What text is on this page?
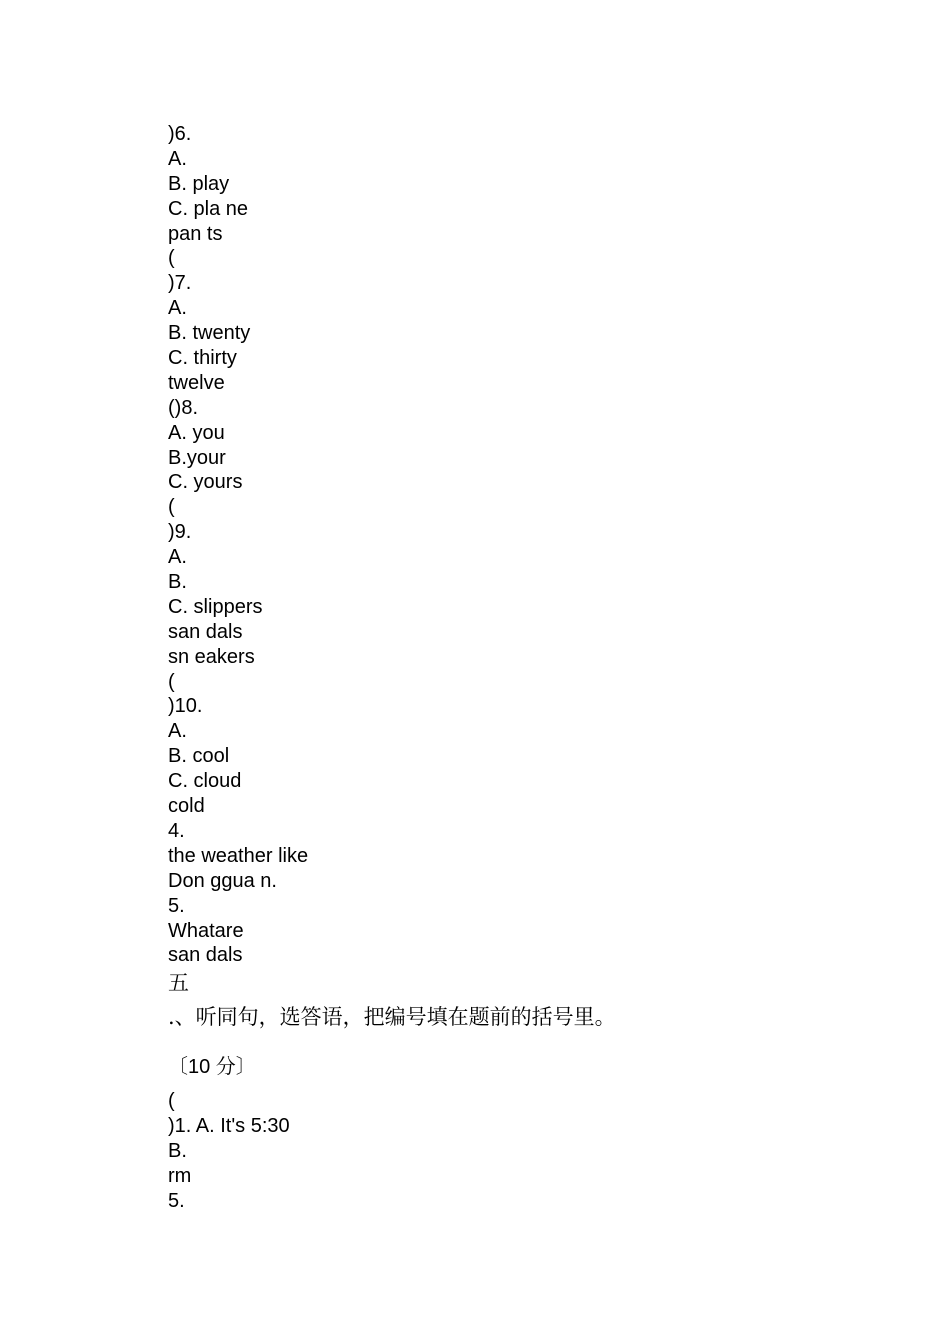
)6.
A.
B. play
C. pla ne
pan ts
(
)7.
A.
B. twenty
C. thirty
twelve
()8.
A. you
B.your
C. yours
(
)9.
A.
B.
C. slippers
san dals
sn eakers
(
)10.
A.
B. cool
C. cloud
cold
4.
the weather like
Don ggua n.
5.
Whatare
san dals
五
.、听同句，选答语，把编号填在题前的括号里。
〔10 分〕
(
)1. A. It's 5:30
B.
rm
5.
